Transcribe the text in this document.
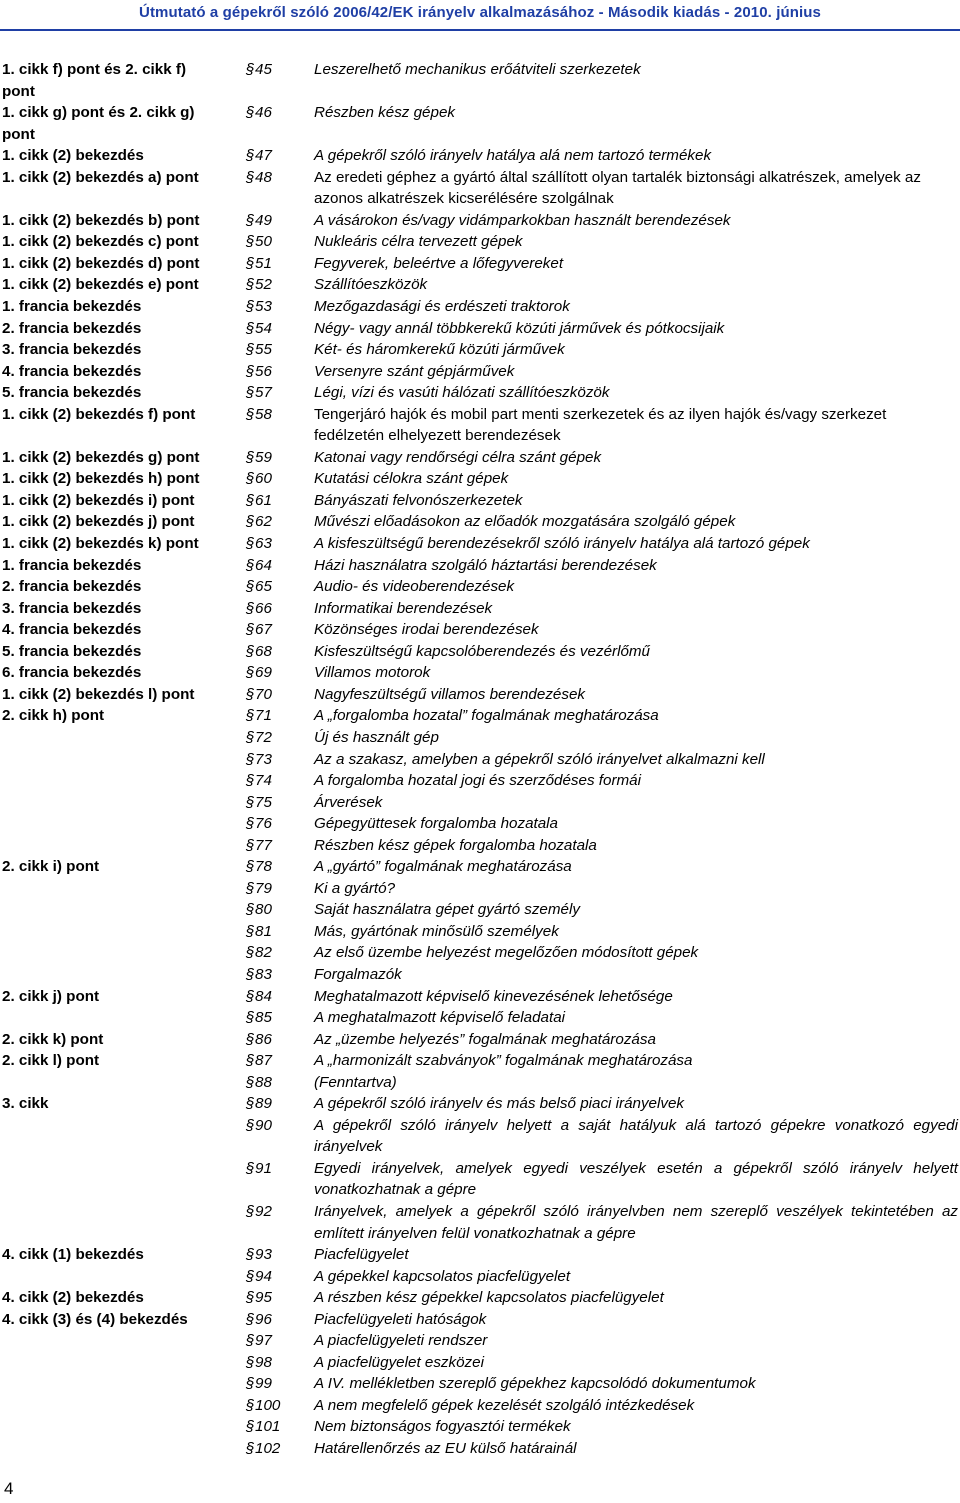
Útmutató a gépekről szóló 2006/42/EK irányelv alkalmazásához - Második kiadás - 2010. június
1. cikk f) pont és 2. cikk f)
pont
§45	Leszerelhető mechanikus erőátviteli szerkezetek
1. cikk g) pont és 2. cikk g)
pont
§46	Részben kész gépek
1. cikk (2) bekezdés	§47	A gépekről szóló irányelv hatálya alá nem tartozó termékek
1. cikk (2) bekezdés a) pont	§48	Az eredeti géphez a gyártó által szállított olyan tartalék biztonsági alkatrészek, amelyek az azonos alkatrészek kicserélésére szolgálnak
1. cikk (2) bekezdés b) pont	§49	A vásárokon és/vagy vidámparkokban használt berendezések
1. cikk (2) bekezdés c) pont	§50	Nukleáris célra tervezett gépek
1. cikk (2) bekezdés d) pont	§51	Fegyverek, beleértve a lőfegyvereket
1. cikk (2) bekezdés e) pont	§52	Szállítóeszközök
1. francia bekezdés	§53	Mezőgazdasági és erdészeti traktorok
2. francia bekezdés	§54	Négy- vagy annál többkerekű közúti járművek és pótkocsijaik
3. francia bekezdés	§55	Két- és háromkerekű közúti járművek
4. francia bekezdés	§56	Versenyre szánt gépjárművek
5. francia bekezdés	§57	Légi, vízi és vasúti hálózati szállítóeszközök
1. cikk (2) bekezdés f) pont	§58	Tengerjáró hajók és mobil part menti szerkezetek és az ilyen hajók és/vagy szerkezet fedélzetén elhelyezett berendezések
1. cikk (2) bekezdés g) pont	§59	Katonai vagy rendőrségi célra szánt gépek
1. cikk (2) bekezdés h) pont	§60	Kutatási célokra szánt gépek
1. cikk (2) bekezdés i) pont	§61	Bányászati felvonószerkezetek
1. cikk (2) bekezdés j) pont	§62	Művészi előadásokon az előadók mozgatására szolgáló gépek
1. cikk (2) bekezdés k) pont	§63	A kisfeszültségű berendezésekről szóló irányelv hatálya alá tartozó gépek
1. francia bekezdés	§64	Házi használatra szolgáló háztartási berendezések
2. francia bekezdés	§65	Audio- és videoberendezések
3. francia bekezdés	§66	Informatikai berendezések
4. francia bekezdés	§67	Közönséges irodai berendezések
5. francia bekezdés	§68	Kisfeszültségű kapcsolóberendezés és vezérlőmű
6. francia bekezdés	§69	Villamos motorok
1. cikk (2) bekezdés l) pont	§70	Nagyfeszültségű villamos berendezések
2. cikk h) pont	§71	A „forgalomba hozatal” fogalmának meghatározása
§72	Új és használt gép
§73	Az a szakasz, amelyben a gépekről szóló irányelvet alkalmazni kell
§74	A forgalomba hozatal jogi és szerződéses formái
§75	Árverések
§76	Gépegyüttesek forgalomba hozatala
§77	Részben kész gépek forgalomba hozatala
2. cikk i) pont	§78	A „gyártó” fogalmának meghatározása
§79	Ki a gyártó?
§80	Saját használatra gépet gyártó személy
§81	Más, gyártónak minősülő személyek
§82	Az első üzembe helyezést megelőzően módosított gépek
§83	Forgalmazók
2. cikk j) pont	§84	Meghatalmazott képviselő kinevezésének lehetősége
§85	A meghatalmazott képviselő feladatai
2. cikk k) pont	§86	Az „üzembe helyezés” fogalmának meghatározása
2. cikk l) pont	§87	A „harmonizált szabványok” fogalmának meghatározása
§88	(Fenntartva)
3. cikk	§89	A gépekről szóló irányelv és más belső piaci irányelvek
§90	A gépekről szóló irányelv helyett a saját hatályuk alá tartozó gépekre vonatkozó egyedi irányelvek
§91	Egyedi irányelvek, amelyek egyedi veszélyek esetén a gépekről szóló irányelv helyett vonatkozhatnak a gépre
§92	Irányelvek, amelyek a gépekről szóló irányelvben nem szereplő veszélyek tekintetében az említett irányelven felül vonatkozhatnak a gépre
4. cikk (1) bekezdés	§93	Piacfelügyelet
§94	A gépekkel kapcsolatos piacfelügyelet
4. cikk (2) bekezdés	§95	A részben kész gépekkel kapcsolatos piacfelügyelet
4. cikk (3) és (4) bekezdés	§96	Piacfelügyeleti hatóságok
§97	A piacfelügyeleti rendszer
§98	A piacfelügyelet eszközei
§99	A IV. mellékletben szereplő gépekhez kapcsolódó dokumentumok
§100	A nem megfelelő gépek kezelését szolgáló intézkedések
§101	Nem biztonságos fogyasztói termékek
§102	Határellenőrzés az EU külső határainál
4
